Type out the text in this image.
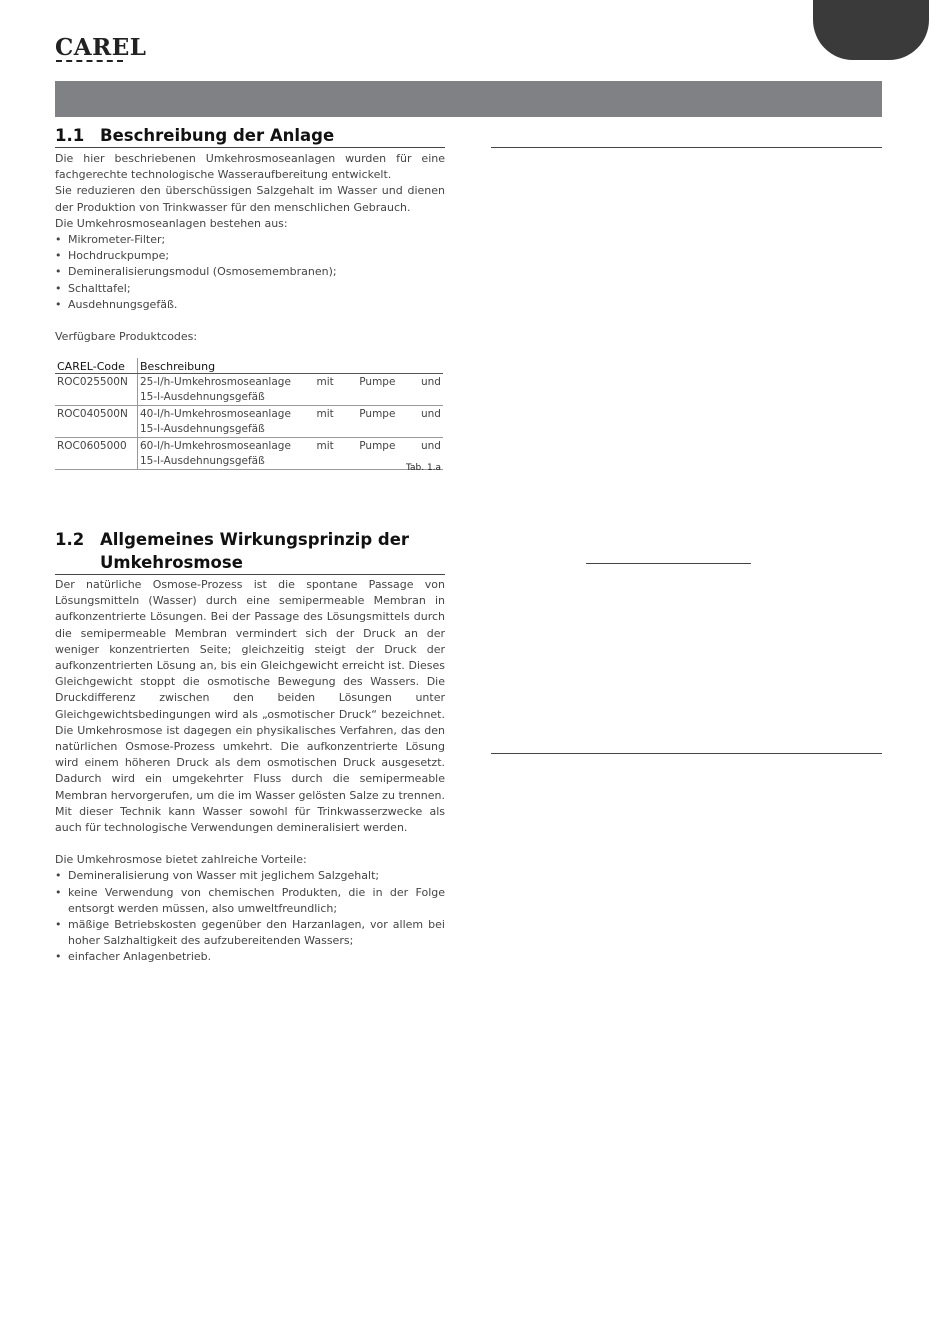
CAREL
1.1 Beschreibung der Anlage

Die hier beschriebenen Umkehrosmoseanlagen wurden für eine fachgerechte technologische Wasseraufbereitung entwickelt.

Sie reduzieren den überschüssigen Salzgehalt im Wasser und dienen der Produktion von Trinkwasser für den menschlichen Gebrauch.

Die Umkehrosmoseanlagen bestehen aus:

• Mikrometer-Filter;
• Hochdruckpumpe;
• Demineralisierungsmodul (Osmosemembranen);
• Schalttafel;
• Ausdehnungsgefäß.

Verfügbare Produktcodes:

CAREL-Code	Beschreibung
ROC025500N	25-l/h-Umkehrosmoseanlage mit Pumpe und
15-l-Ausdehnungsgefäß

ROC040500N	40-l/h-Umkehrosmoseanlage mit Pumpe und
15-l-Ausdehnungsgefäß

ROC0605000	60-l/h-Umkehrosmoseanlage mit Pumpe und
15-l-Ausdehnungsgefäß
Tab. 1.a
1.2 Allgemeines Wirkungsprinzip der
Umkehrosmose

Der natürliche Osmose-Prozess ist die spontane Passage von Lösungsmitteln (Wasser) durch eine semipermeable Membran in aufkonzentrierte Lösungen. Bei der Passage des Lösungsmittels durch die semipermeable Membran vermindert sich der Druck an der weniger konzentrierten Seite; gleichzeitig steigt der Druck der aufkonzentrierten Lösung an, bis ein Gleichgewicht erreicht ist. Dieses Gleichgewicht stoppt die osmotische Bewegung des Wassers. Die Druckdifferenz zwischen den beiden Lösungen unter Gleichgewichtsbedingungen wird als „osmotischer Druck“ bezeichnet. Die Umkehrosmose ist dagegen ein physikalisches Verfahren, das den natürlichen Osmose-Prozess umkehrt. Die aufkonzentrierte Lösung wird einem höheren Druck als dem osmotischen Druck ausgesetzt. Dadurch wird ein umgekehrter Fluss durch die semipermeable Membran hervorgerufen, um die im Wasser gelösten Salze zu trennen. Mit dieser Technik kann Wasser sowohl für Trinkwasserzwecke als auch für technologische Verwendungen demineralisiert werden.

Die Umkehrosmose bietet zahlreiche Vorteile:

• Demineralisierung von Wasser mit jeglichem Salzgehalt;
• keine Verwendung von chemischen Produkten, die in der Folge entsorgt werden müssen, also umweltfreundlich;
• mäßige Betriebskosten gegenüber den Harzanlagen, vor allem bei hoher Salzhaltigkeit des aufzubereitenden Wassers;
• einfacher Anlagenbetrieb.
